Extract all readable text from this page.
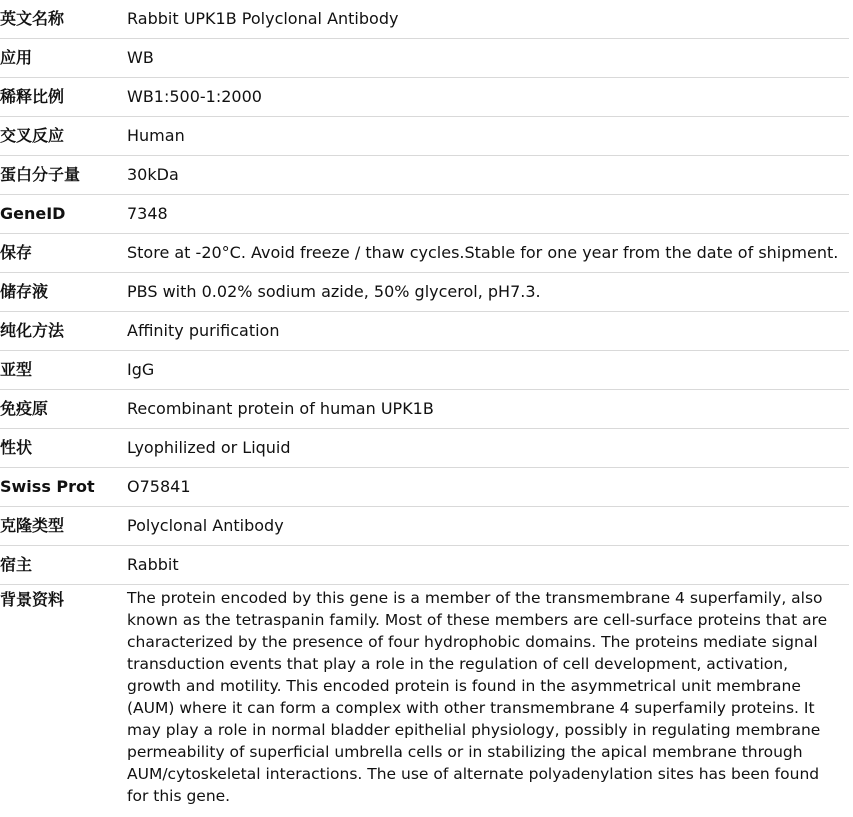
英文名称	Rabbit UPK1B Polyclonal Antibody
应用	WB
稀释比例	WB1:500-1:2000
交叉反应	Human
蛋白分子量	30kDa
GeneID	7348
保存	Store at -20°C. Avoid freeze / thaw cycles.Stable for one year from the date of shipment.
储存液	PBS with 0.02% sodium azide, 50% glycerol, pH7.3.
纯化方法	Affinity purification
亚型	IgG
免疫原	Recombinant protein of human UPK1B
性状	Lyophilized or Liquid
Swiss Prot	O75841
克隆类型	Polyclonal Antibody
宿主	Rabbit
背景资料	The protein encoded by this gene is a member of the transmembrane 4 superfamily, also known as the tetraspanin family. Most of these members are cell-surface proteins that are characterized by the presence of four hydrophobic domains. The proteins mediate signal transduction events that play a role in the regulation of cell development, activation, growth and motility. This encoded protein is found in the asymmetrical unit membrane (AUM) where it can form a complex with other transmembrane 4 superfamily proteins. It may play a role in normal bladder epithelial physiology, possibly in regulating membrane permeability of superficial umbrella cells or in stabilizing the apical membrane through AUM/cytoskeletal interactions. The use of alternate polyadenylation sites has been found for this gene.
